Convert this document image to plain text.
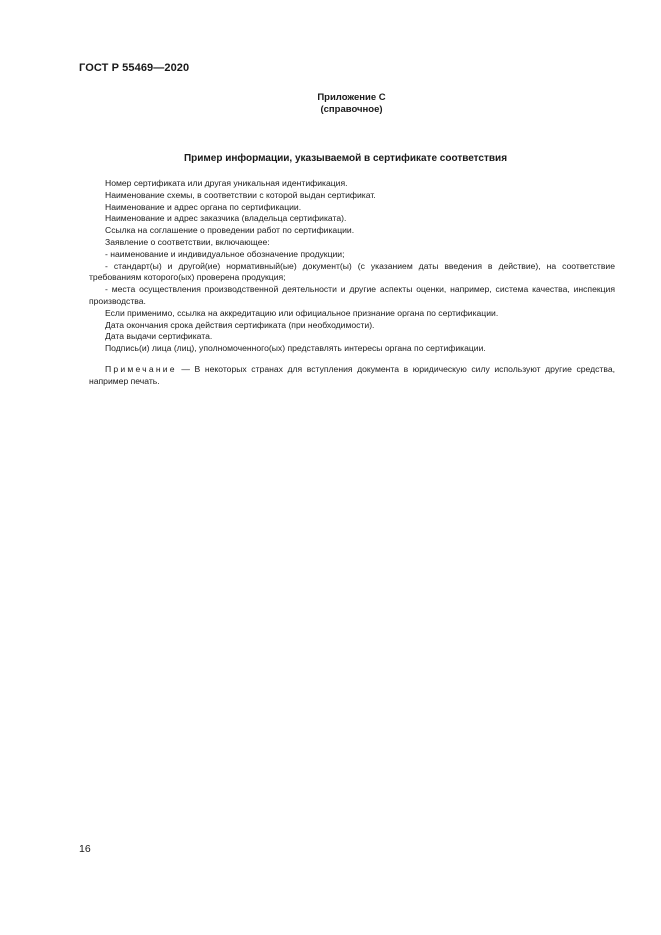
ГОСТ Р 55469—2020
Приложение С
(справочное)
Пример информации, указываемой в сертификате соответствия

Номер сертификата или другая уникальная идентификация.

Наименование схемы, в соответствии с которой выдан сертификат.

Наименование и адрес органа по сертификации.

Наименование и адрес заказчика (владельца сертификата).

Ссылка на соглашение о проведении работ по сертификации.

Заявление о соответствии, включающее:

- наименование и индивидуальное обозначение продукции;

- стандарт(ы) и другой(ие) нормативный(ые) документ(ы) (с указанием даты введения в действие), на соответствие требованиям которого(ых) проверена продукция;

- места осуществления производственной деятельности и другие аспекты оценки, например, система качества, инспекция производства.

Если применимо, ссылка на аккредитацию или официальное признание органа по сертификации.

Дата окончания срока действия сертификата (при необходимости).

Дата выдачи сертификата.

Подпись(и) лица (лиц), уполномоченного(ых) представлять интересы органа по сертификации.

Примечание — В некоторых странах для вступления документа в юридическую силу используют другие средства, например печать.

16
